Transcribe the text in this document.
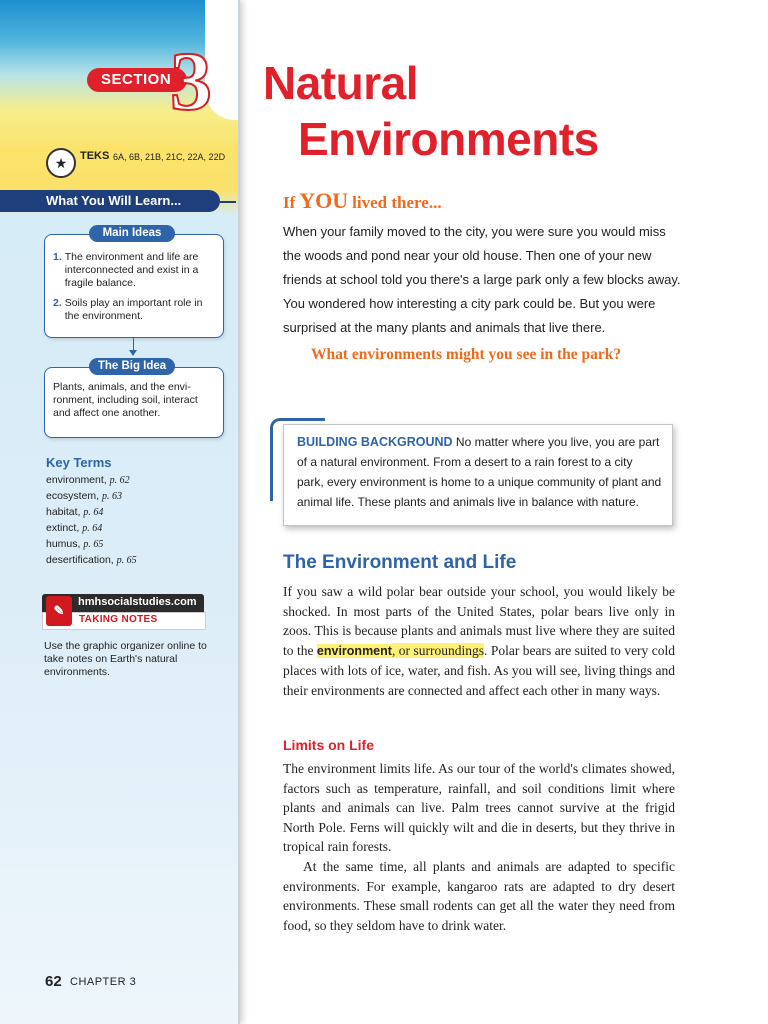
SECTION
3
★	TEKS 6A, 6B, 21B, 21C, 22A, 22D
What You Will Learn...
1. The environment and life are interconnected and exist in a fragile balance.
2. Soils play an important role in the environment.
Main Ideas
Plants, animals, and the envi-ronment, including soil, interact and affect one another.
The Big Idea
Key Terms
environment, p. 62
ecosystem, p. 63
habitat, p. 64
extinct, p. 64
humus, p. 65
desertification, p. 65
hmhsocialstudies.com
TAKING NOTES
✎
Use the graphic organizer online to take notes on Earth's natural environments.
62 CHAPTER 3
Natural
Environments
If YOU lived there...
When your family moved to the city, you were sure you would miss the woods and pond near your old house. Then one of your new friends at school told you there's a large park only a few blocks away. You wondered how interesting a city park could be. But you were surprised at the many plants and animals that live there.
What environments might you see in the park?
BUILDING BACKGROUND No matter where you live, you are part of a natural environment. From a desert to a rain forest to a city park, every environment is home to a unique community of plant and animal life. These plants and animals live in balance with nature.
The Environment and Life
If you saw a wild polar bear outside your school, you would likely be shocked. In most parts of the United States, polar bears live only in zoos. This is because plants and animals must live where they are suited to the environment, or surroundings. Polar bears are suited to very cold places with lots of ice, water, and fish. As you will see, living things and their environments are connected and affect each other in many ways.
Limits on Life
The environment limits life. As our tour of the world's climates showed, factors such as temperature, rainfall, and soil conditions limit where plants and animals can live. Palm trees cannot survive at the frigid North Pole. Ferns will quickly wilt and die in deserts, but they thrive in tropical rain forests.
At the same time, all plants and animals are adapted to specific environments. For example, kangaroo rats are adapted to dry desert environments. These small rodents can get all the water they need from food, so they seldom have to drink water.
